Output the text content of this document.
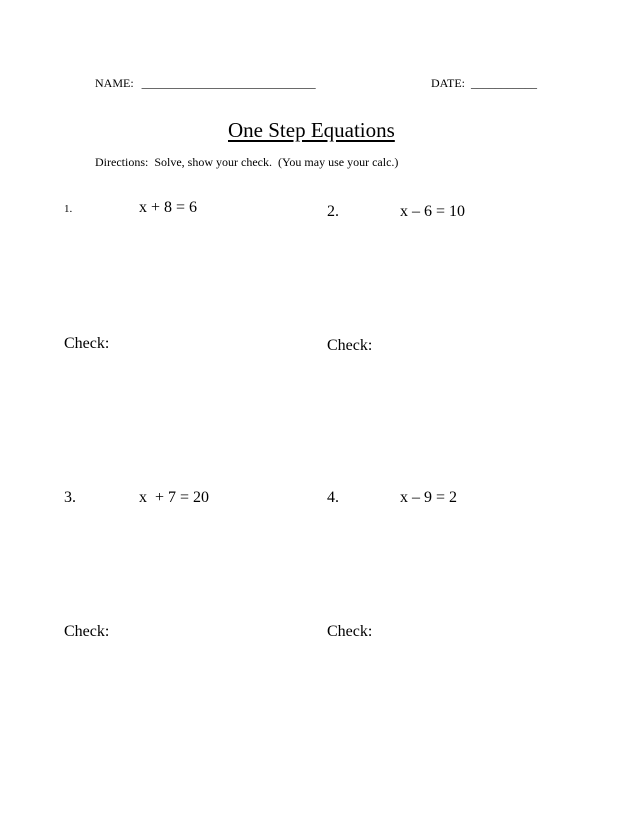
NAME: _____________________________	DATE: ___________
One Step Equations
Directions:  Solve, show your check.  (You may use your calc.)
1.	x + 8 = 6
Check:
2.	x – 6 = 10
Check:
3.	x  + 7 = 20
Check:
4.	x – 9 = 2
Check:
